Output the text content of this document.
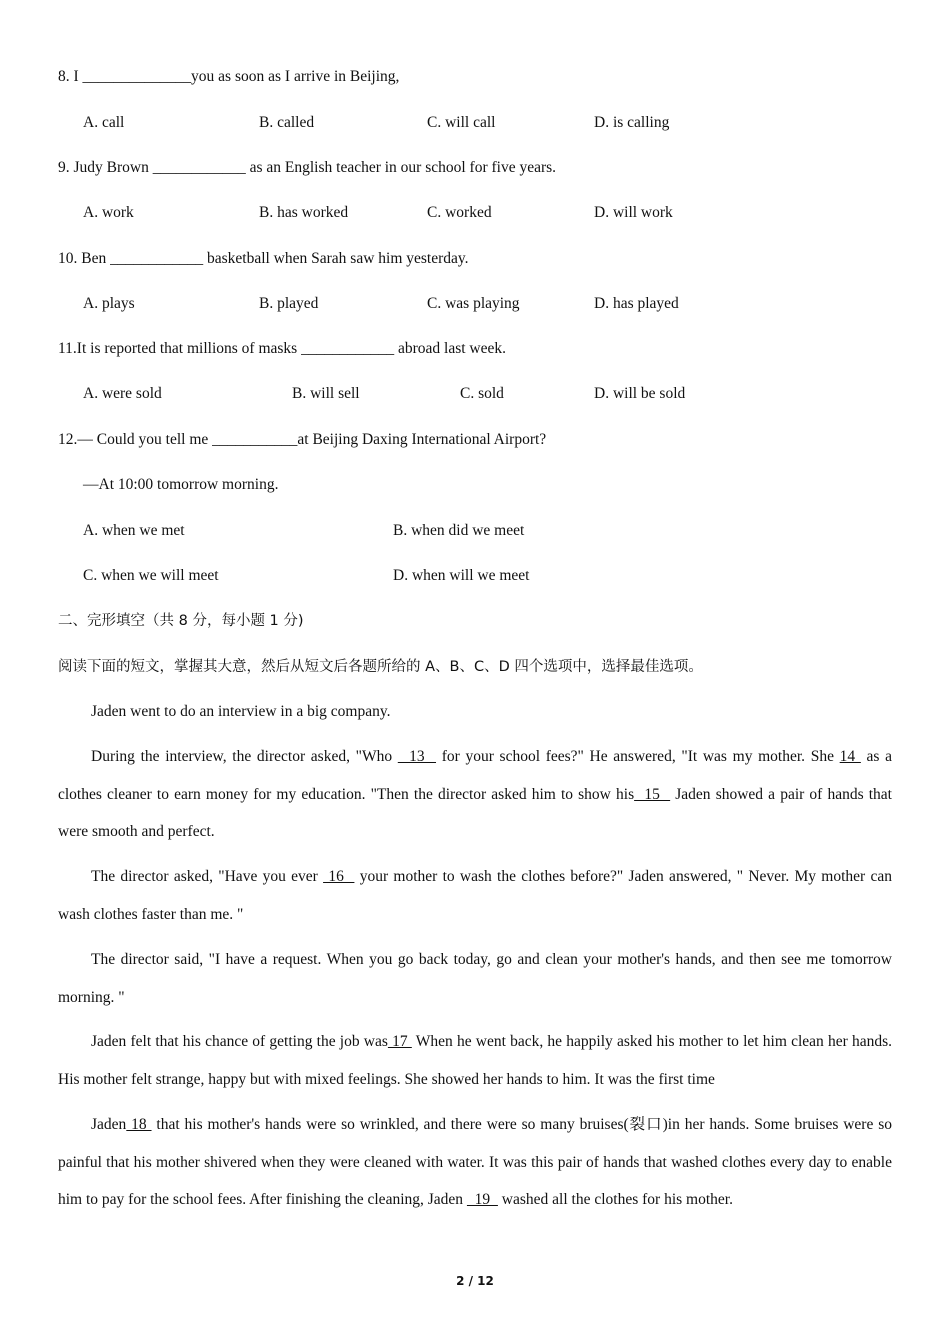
8. I ______________you as soon as I arrive in Beijing,
A. call	B. called	C. will call	D. is calling
9. Judy Brown ____________ as an English teacher in our school for five years.
A. work	B. has worked	C. worked	D. will work
10. Ben ____________ basketball when Sarah saw him yesterday.
A. plays	B. played	C. was playing	D. has played
11.It is reported that millions of masks ____________ abroad last week.
A. were sold	B. will sell	C. sold	D. will be sold
12.— Could you tell me ___________at Beijing Daxing International Airport?
—At 10:00 tomorrow morning.
A. when we met	B. when did we meet
C. when we will meet	D. when will we meet
二、完形填空（共 8 分，每小题 1 分)
阅读下面的短文，掌握其大意，然后从短文后各题所给的 A、B、C、D 四个选项中，选择最佳选项。
Jaden went to do an interview in a big company.
During the interview, the director asked, "Who   13   for your school fees?" He answered, "It was my mother. She 14  as a clothes cleaner to earn money for my education. "Then the director asked him to show his  15   Jaden showed a pair of hands that were smooth and perfect.
The director asked, "Have you ever  16   your mother to wash the clothes before?" Jaden answered, " Never. My mother can wash clothes faster than me. "
The director said, "I have a request. When you go back today, go and clean your mother's hands, and then see me tomorrow morning. "
Jaden felt that his chance of getting the job was 17  When he went back, he happily asked his mother to let him clean her hands. His mother felt strange, happy but with mixed feelings. She showed her hands to him. It was the first time
Jaden 18  that his mother's hands were so wrinkled, and there were so many bruises(裂口)in her hands. Some bruises were so painful that his mother shivered when they were cleaned with water. It was this pair of hands that washed clothes every day to enable him to pay for the school fees. After finishing the cleaning, Jaden   19   washed all the clothes for his mother.
2 / 12
